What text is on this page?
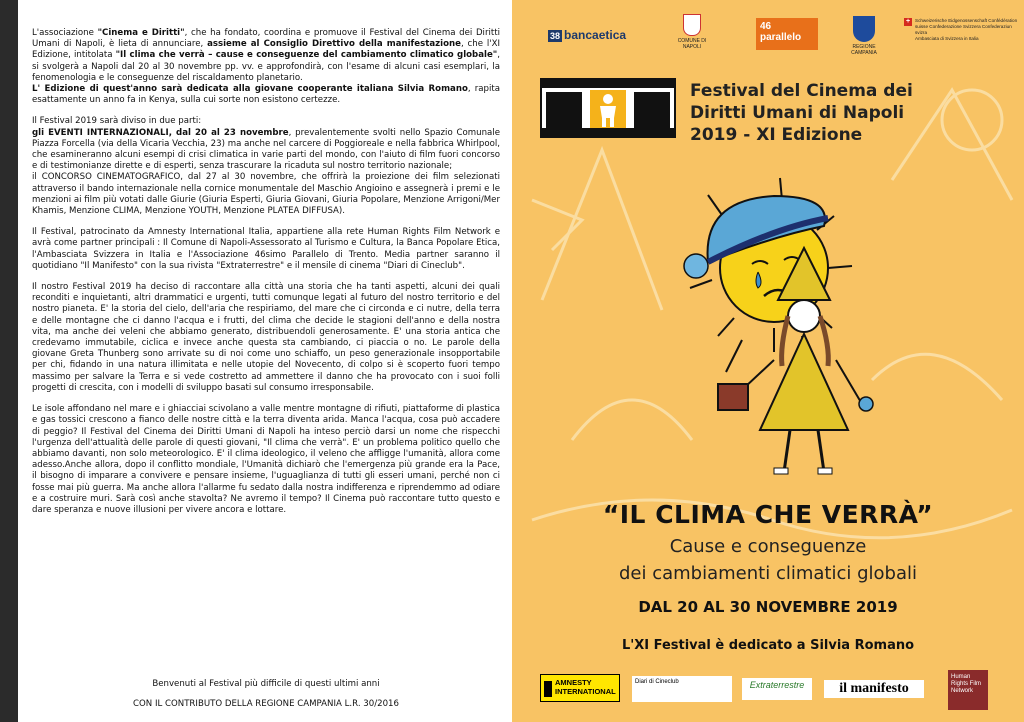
L'associazione "Cinema e Diritti", che ha fondato, coordina e promuove il Festival del Cinema dei Diritti Umani di Napoli, è lieta di annunciare, assieme al Consiglio Direttivo della manifestazione, che l'XI Edizione, intitolata "Il clima che verrà – cause e conseguenze del cambiamento climatico globale", si svolgerà a Napoli dal 20 al 30 novembre pp. vv. e approfondirà, con l'esame di alcuni casi esemplari, la fenomenologia e le conseguenze del riscaldamento planetario.

L' Edizione di quest'anno sarà dedicata alla giovane cooperante italiana Silvia Romano, rapita esattamente un anno fa in Kenya, sulla cui sorte non esistono certezze.

Il Festival 2019 sarà diviso in due parti:

gli EVENTI INTERNAZIONALI, dal 20 al 23 novembre, prevalentemente svolti nello Spazio Comunale Piazza Forcella (via della Vicaria Vecchia, 23) ma anche nel carcere di Poggioreale e nella fabbrica Whirlpool, che esamineranno alcuni esempi di crisi climatica in varie parti del mondo, con l'aiuto di film fuori concorso e di testimonianze dirette e di esperti, senza trascurare la ricaduta sul nostro territorio nazionale;

il CONCORSO CINEMATOGRAFICO, dal 27 al 30 novembre, che offrirà la proiezione dei film selezionati attraverso il bando internazionale nella cornice monumentale del Maschio Angioino e assegnerà i premi e le menzioni ai film più votati dalle Giurie (Giuria Esperti, Giuria Giovani, Giuria Popolare, Menzione Arrigoni/Mer Khamis, Menzione CLIMA, Menzione YOUTH, Menzione PLATEA DIFFUSA).

Il Festival, patrocinato da Amnesty International Italia, appartiene alla rete Human Rights Film Network e avrà come partner principali : Il Comune di Napoli-Assessorato al Turismo e Cultura, la Banca Popolare Etica, l'Ambasciata Svizzera in Italia e l'Associazione 46simo Parallelo di Trento. Media partner saranno il quotidiano "Il Manifesto" con la sua rivista "Extraterrestre" e il mensile di cinema "Diari di Cineclub".

Il nostro Festival 2019 ha deciso di raccontare alla città una storia che ha tanti aspetti, alcuni dei quali reconditi e inquietanti, altri drammatici e urgenti, tutti comunque legati al futuro del nostro territorio e del nostro pianeta. E' la storia del cielo, dell'aria che respiriamo, del mare che ci circonda e ci nutre, della terra e delle montagne che ci danno l'acqua e i frutti, del clima che decide le stagioni dell'anno e della nostra vita, ma anche dei veleni che abbiamo generato, distribuendoli generosamente. E' una storia antica che credevamo immutabile, ciclica e invece anche questa sta cambiando, ci piaccia o no. Le parole della giovane Greta Thunberg sono arrivate su di noi come uno schiaffo, un peso generazionale insopportabile per chi, fidando in una natura illimitata e nelle utopie del Novecento, di colpo si è scoperto fuori tempo massimo per salvare la Terra e si vede costretto ad ammettere il danno che ha provocato con i suoi folli progetti di crescita, con i modelli di sviluppo basati sul consumo irresponsabile.

Le isole affondano nel mare e i ghiacciai scivolano a valle mentre montagne di rifiuti, piattaforme di plastica e gas tossici crescono a fianco delle nostre città e la terra diventa arida. Manca l'acqua, cosa può accadere di peggio? Il Festival del Cinema dei Diritti Umani di Napoli ha inteso perciò darsi un nome che rispecchi l'urgenza dell'attualità delle parole di questi giovani, "Il clima che verrà". E' un problema politico quello che abbiamo davanti, non solo meteorologico. E' il clima ideologico, il veleno che affligge l'umanità, allora come adesso.Anche allora, dopo il conflitto mondiale, l'Umanità dichiarò che l'emergenza più grande era la Pace, il bisogno di imparare a convivere e pensare insieme, l'uguaglianza di tutti gli esseri umani, perché non ci fosse mai più guerra. Ma anche allora l'allarme fu sedato dalla nostra indifferenza e riprendemmo ad odiare e a costruire muri. Sarà così anche stavolta? Ne avremo il tempo? Il Cinema può raccontare tutto questo e dare speranza e nuove illusioni per vivere ancora e lottare.

Benvenuti al Festival più difficile di questi ultimi anni
CON IL CONTRIBUTO DELLA REGIONE CAMPANIA L.R. 30/2016
38 bancaetica	COMUNE DI NAPOLI
46
parallelo
REGIONE CAMPANIA
+	Schweizerische Eidgenossenschaft Confédération suisse Confederazione Svizzera Confederaziun svizra
Ambasciata di Svizzera in Italia
Festival del Cinema dei
Diritti Umani di Napoli
2019 - XI Edizione
“IL CLIMA CHE VERRÀ”
Cause e conseguenze
dei cambiamenti climatici globali
DAL 20 AL 30 NOVEMBRE 2019
L'XI Festival è dedicato a Silvia Romano
AMNESTY INTERNATIONAL
Diari di Cineclub	Extraterrestre	il manifesto
Human Rights Film Network
